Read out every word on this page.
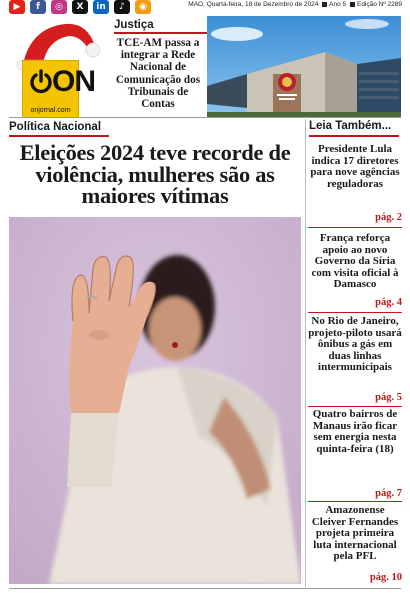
▶	f	◎	X	in	♪	◉	MAO, Quarta-feira, 18 de Dezembro de 2024 Ano 5 Edição Nº 2289
ON
onjornal.com
Justiça
TCE-AM passa a integrar a Rede Nacional de Comunicação dos Tribunais de Contas
Política Nacional
Eleições 2024 teve recorde de violência, mulheres são as maiores vítimas
Leia Também...
Presidente Lula indica 17 diretores para nove agências reguladoras
pág. 2
França reforça apoio ao novo Governo da Síria com visita oficial à Damasco
pág. 4
No Rio de Janeiro, projeto-piloto usará ônibus a gás em duas linhas intermunicipais
pág. 5
Quatro bairros de Manaus irão ficar sem energia nesta quinta-feira (18)
pág. 7
Amazonense Cleiver Fernandes projeta primeira luta internacional pela PFL
pág. 10
